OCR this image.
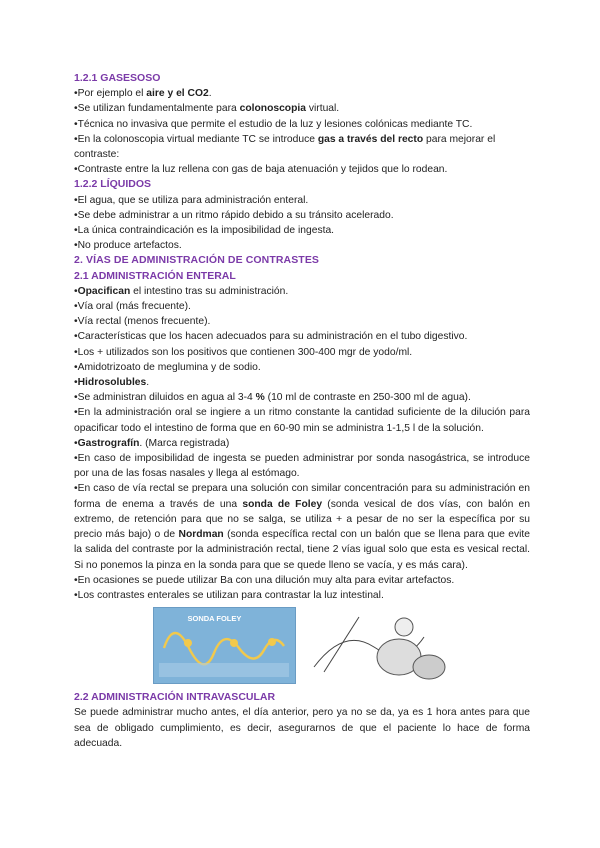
1.2.1 GASESOSO
•Por ejemplo el aire y el CO2.
•Se utilizan fundamentalmente para colonoscopia virtual.
•Técnica no invasiva que permite el estudio de la luz y lesiones colónicas mediante TC.
•En la colonoscopia virtual mediante TC se introduce gas a través del recto para mejorar el contraste:
•Contraste entre la luz rellena con gas de baja atenuación y tejidos que lo rodean.
1.2.2 LÍQUIDOS
•El agua, que se utiliza para administración enteral.
•Se debe administrar a un ritmo rápido debido a su tránsito acelerado.
•La única contraindicación es la imposibilidad de ingesta.
•No produce artefactos.
2. VÍAS DE ADMINISTRACIÓN DE CONTRASTES
2.1 ADMINISTRACIÓN ENTERAL
•Opacifican el intestino tras su administración.
•Vía oral (más frecuente).
•Vía rectal (menos frecuente).
•Características que los hacen adecuados para su administración en el tubo digestivo.
•Los + utilizados son los positivos que contienen 300-400 mgr de yodo/ml.
•Amidotrizoato de meglumina y de sodio.
•Hidrosolubles.
•Se administran diluidos en agua al 3-4 % (10 ml de contraste en 250-300 ml de agua).
•En la administración oral se ingiere a un ritmo constante la cantidad suficiente de la dilución para opacificar todo el intestino de forma que en 60-90 min se administra 1-1,5 l de la solución.
•Gastrografín. (Marca registrada)
•En caso de imposibilidad de ingesta se pueden administrar por sonda nasogástrica, se introduce por una de las fosas nasales y llega al estómago.
•En caso de vía rectal se prepara una solución con similar concentración para su administración en forma de enema a través de una sonda de Foley (sonda vesical de dos vías, con balón en extremo, de retención para que no se salga, se utiliza + a pesar de no ser la específica por su precio más bajo) o de Nordman (sonda específica rectal con un balón que se llena para que evite la salida del contraste por la administración rectal, tiene 2 vías igual solo que esta es vesical rectal. Si no ponemos la pinza en la sonda para que se quede lleno se vacía, y es más cara).
•En ocasiones se puede utilizar Ba con una dilución muy alta para evitar artefactos.
•Los contrastes enterales se utilizan para contrastar la luz intestinal.
SONDA FOLEY
2.2 ADMINISTRACIÓN INTRAVASCULAR
Se puede administrar mucho antes, el día anterior, pero ya no se da, ya es 1 hora antes para que sea de obligado cumplimiento, es decir, asegurarnos de que el paciente lo hace de forma adecuada.
